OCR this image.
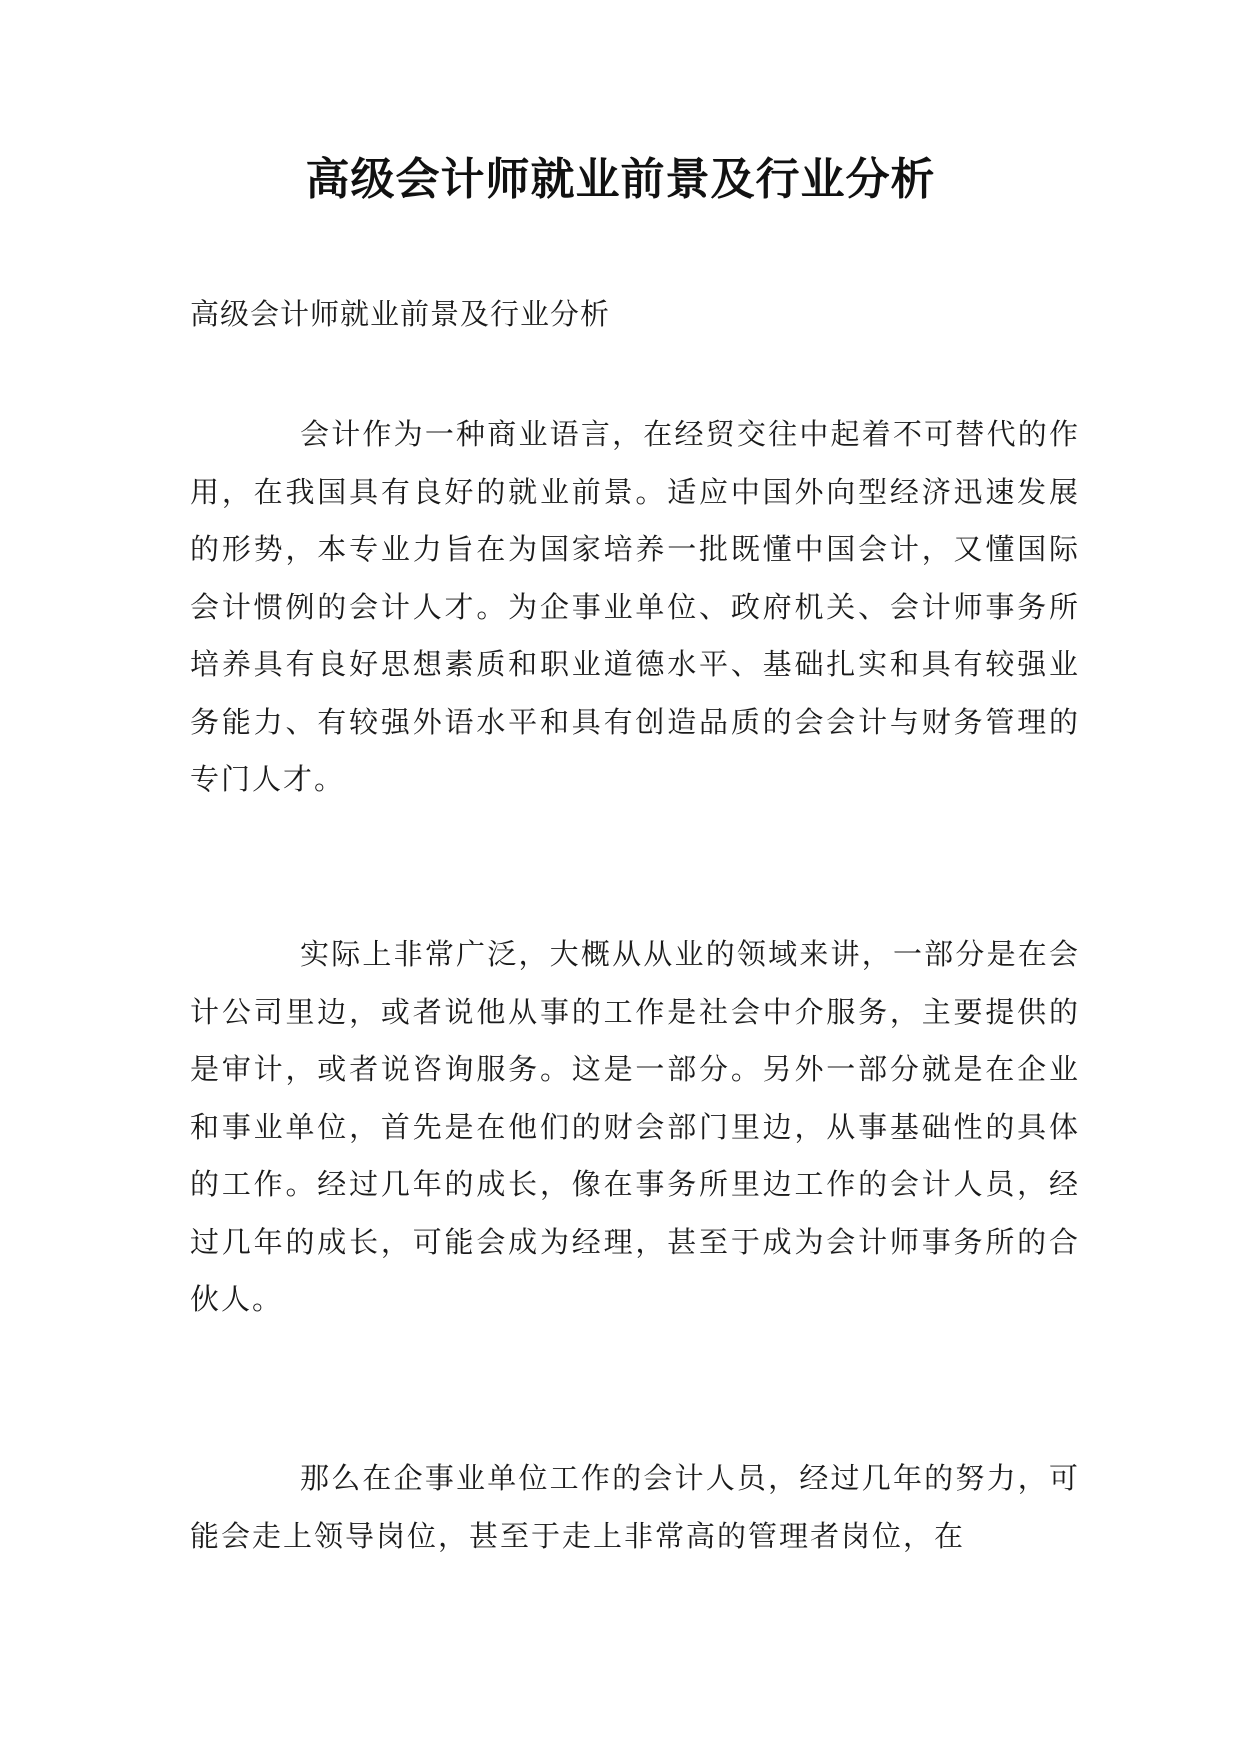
高级会计师就业前景及行业分析
高级会计师就业前景及行业分析

会计作为一种商业语言，在经贸交往中起着不可替代的作用，在我国具有良好的就业前景。适应中国外向型经济迅速发展的形势，本专业力旨在为国家培养一批既懂中国会计，又懂国际会计惯例的会计人才。为企事业单位、政府机关、会计师事务所培养具有良好思想素质和职业道德水平、基础扎实和具有较强业务能力、有较强外语水平和具有创造品质的会会计与财务管理的专门人才。

实际上非常广泛，大概从从业的领域来讲，一部分是在会计公司里边，或者说他从事的工作是社会中介服务，主要提供的是审计，或者说咨询服务。这是一部分。另外一部分就是在企业和事业单位，首先是在他们的财会部门里边，从事基础性的具体的工作。经过几年的成长，像在事务所里边工作的会计人员，经过几年的成长，可能会成为经理，甚至于成为会计师事务所的合伙人。

那么在企事业单位工作的会计人员，经过几年的努力，可能会走上领导岗位，甚至于走上非常高的管理者岗位，在
